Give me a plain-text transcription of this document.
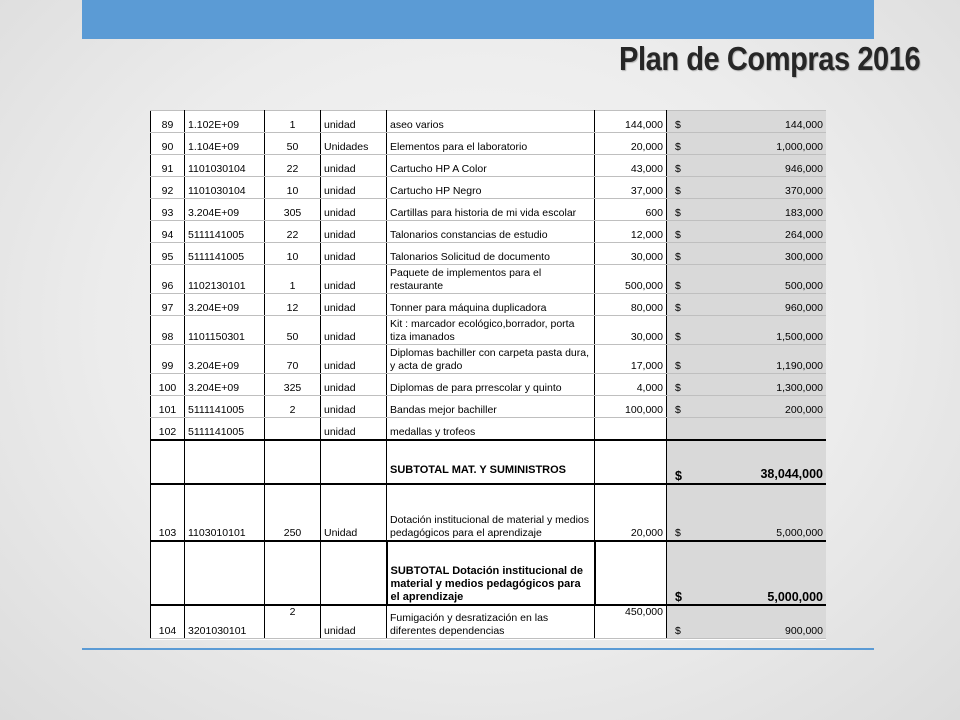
Plan de Compras 2016
89	1.102E+09	1	unidad	aseo varios	144,000	$ 144,000

90	1.104E+09	50	Unidades	Elementos para el laboratorio	20,000	$ 1,000,000

91	1101030104	22	unidad	Cartucho HP A Color	43,000	$ 946,000

92	1101030104	10	unidad	Cartucho HP Negro	37,000	$ 370,000

93	3.204E+09	305	unidad	Cartillas para historia de mi vida escolar	600	$ 183,000

94	5111141005	22	unidad	Talonarios constancias de estudio	12,000	$ 264,000

95	5111141005	10	unidad	Talonarios Solicitud de documento	30,000	$ 300,000

96	1102130101	1	unidad	Paquete de implementos para el restaurante	500,000	$ 500,000

97	3.204E+09	12	unidad	Tonner para máquina duplicadora	80,000	$ 960,000

98	1101150301	50	unidad	Kit : marcador ecológico,borrador, porta tiza imanados	30,000	$ 1,500,000

99	3.204E+09	70	unidad	Diplomas bachiller con carpeta pasta dura, y acta de grado	17,000	$ 1,190,000

100	3.204E+09	325	unidad	Diplomas de para prrescolar y quinto	4,000	$ 1,300,000

101	5111141005	2	unidad	Bandas mejor bachiller	100,000	$ 200,000

102	5111141005		unidad	medallas y trofeos		

				SUBTOTAL MAT. Y SUMINISTROS		$ 38,044,000

103	1103010101	250	Unidad	Dotación institucional de material y medios pedagógicos para el aprendizaje	20,000	$ 5,000,000

				SUBTOTAL Dotación institucional de material y medios pedagógicos para el aprendizaje		$ 5,000,000

104	3201030101	2	unidad	Fumigación y desratización en las diferentes dependencias	450,000	$ 900,000
